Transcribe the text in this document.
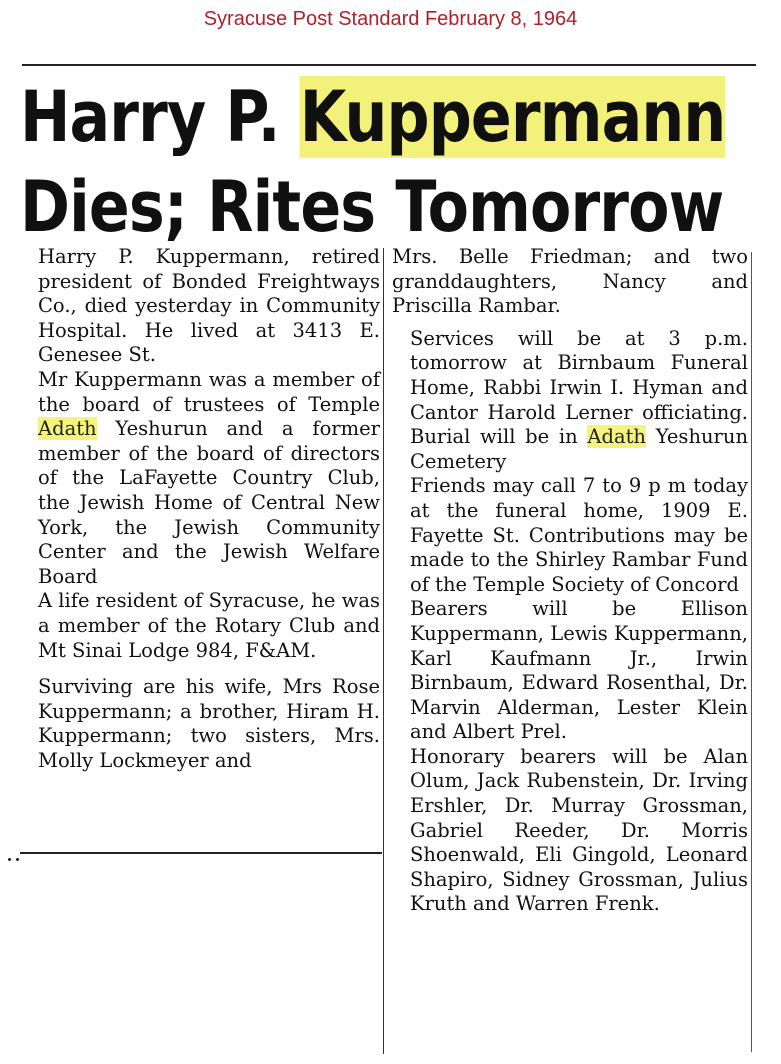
Syracuse Post Standard February 8, 1964
Harry P. Kuppermann
Dies; Rites Tomorrow

Harry P. Kuppermann, retired president of Bonded Freightways Co., died yesterday in Community Hospital. He lived at 3413 E. Genesee St.

Mr Kuppermann was a member of the board of trustees of Temple Adath Yeshurun and a former member of the board of directors of the LaFayette Country Club, the Jewish Home of Central New York, the Jewish Community Center and the Jewish Welfare Board

A life resident of Syracuse, he was a member of the Rotary Club and Mt Sinai Lodge 984, F&AM.

Surviving are his wife, Mrs Rose Kuppermann; a brother, Hiram H. Kuppermann; two sisters, Mrs. Molly Lockmeyer and

Mrs. Belle Friedman; and two granddaughters, Nancy and Priscilla Rambar.

Services will be at 3 p.m. tomorrow at Birnbaum Funeral Home, Rabbi Irwin I. Hyman and Cantor Harold Lerner officiating. Burial will be in Adath Yeshurun Cemetery

Friends may call 7 to 9 p m today at the funeral home, 1909 E. Fayette St. Contributions may be made to the Shirley Rambar Fund of the Temple Society of Concord

Bearers will be Ellison Kuppermann, Lewis Kuppermann, Karl Kaufmann Jr., Irwin Birnbaum, Edward Rosenthal, Dr. Marvin Alderman, Lester Klein and Albert Prel.

Honorary bearers will be Alan Olum, Jack Rubenstein, Dr. Irving Ershler, Dr. Murray Grossman, Gabriel Reeder, Dr. Morris Shoenwald, Eli Gingold, Leonard Shapiro, Sidney Grossman, Julius Kruth and Warren Frenk.
